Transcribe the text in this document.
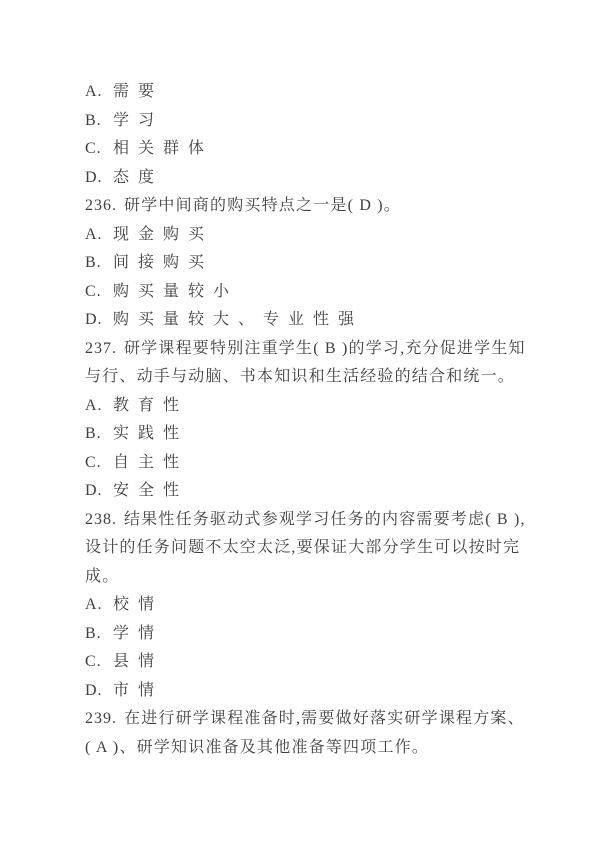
A. 需要
B. 学习
C. 相关群体
D. 态度
236. 研学中间商的购买特点之一是( D )。
A. 现金购买
B. 间接购买
C. 购买量较小
D. 购买量较大、专业性强
237. 研学课程要特别注重学生( B )的学习,充分促进学生知
与行、动手与动脑、书本知识和生活经验的结合和统一。
A. 教育性
B. 实践性
C. 自主性
D. 安全性
238. 结果性任务驱动式参观学习任务的内容需要考虑( B ),
设计的任务问题不太空太泛,要保证大部分学生可以按时完
成。
A. 校情
B. 学情
C. 县情
D. 市情
239. 在进行研学课程准备时,需要做好落实研学课程方案、
( A )、研学知识准备及其他准备等四项工作。
